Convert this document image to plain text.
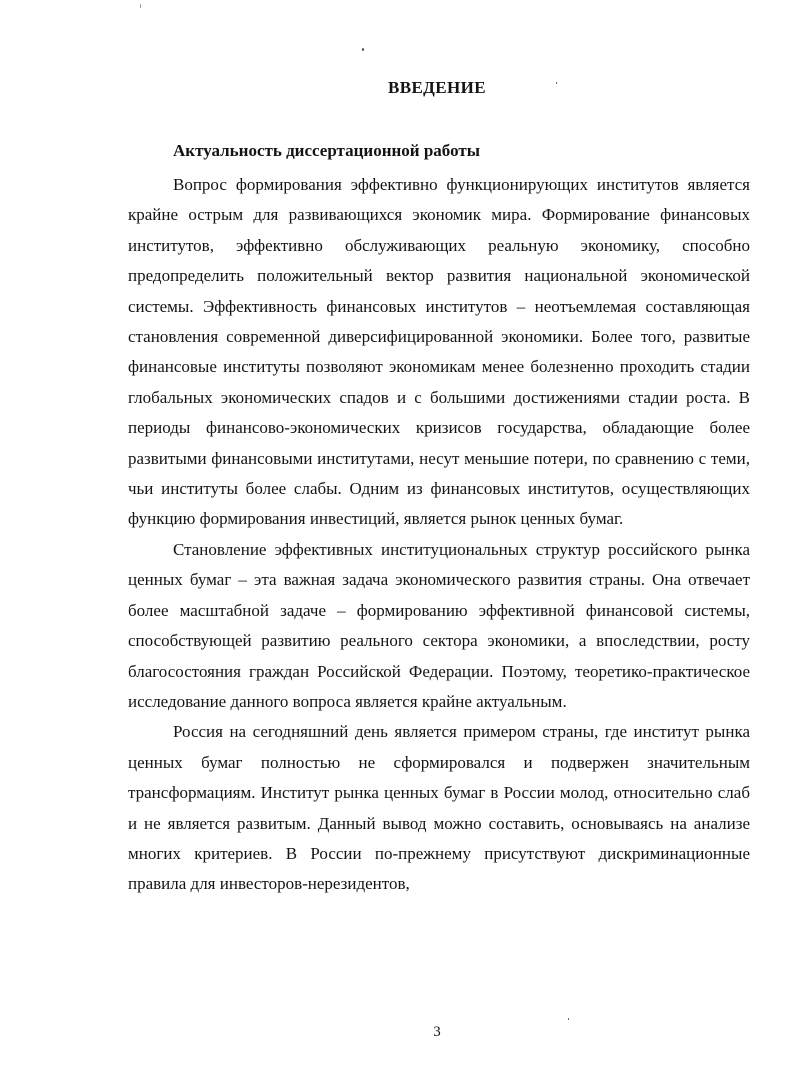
ВВЕДЕНИЕ
Актуальность диссертационной работы

Вопрос формирования эффективно функционирующих институтов является крайне острым для развивающихся экономик мира. Формирование финансовых институтов, эффективно обслуживающих реальную экономику, способно предопределить положительный вектор развития национальной экономической системы. Эффективность финансовых институтов – неотъемлемая составляющая становления современной диверсифицированной экономики. Более того, развитые финансовые институты позволяют экономикам менее болезненно проходить стадии глобальных экономических спадов и с большими достижениями стадии роста. В периоды финансово-экономических кризисов государства, обладающие более развитыми финансовыми институтами, несут меньшие потери, по сравнению с теми, чьи институты более слабы. Одним из финансовых институтов, осуществляющих функцию формирования инвестиций, является рынок ценных бумаг.

Становление эффективных институциональных структур российского рынка ценных бумаг – эта важная задача экономического развития страны. Она отвечает более масштабной задаче – формированию эффективной финансовой системы, способствующей развитию реального сектора экономики, а впоследствии, росту благосостояния граждан Российской Федерации. Поэтому, теоретико-практическое исследование данного вопроса является крайне актуальным.

Россия на сегодняшний день является примером страны, где институт рынка ценных бумаг полностью не сформировался и подвержен значительным трансформациям. Институт рынка ценных бумаг в России молод, относительно слаб и не является развитым. Данный вывод можно составить, основываясь на анализе многих критериев. В России по-прежнему присутствуют дискриминационные правила для инвесторов-нерезидентов,

3
